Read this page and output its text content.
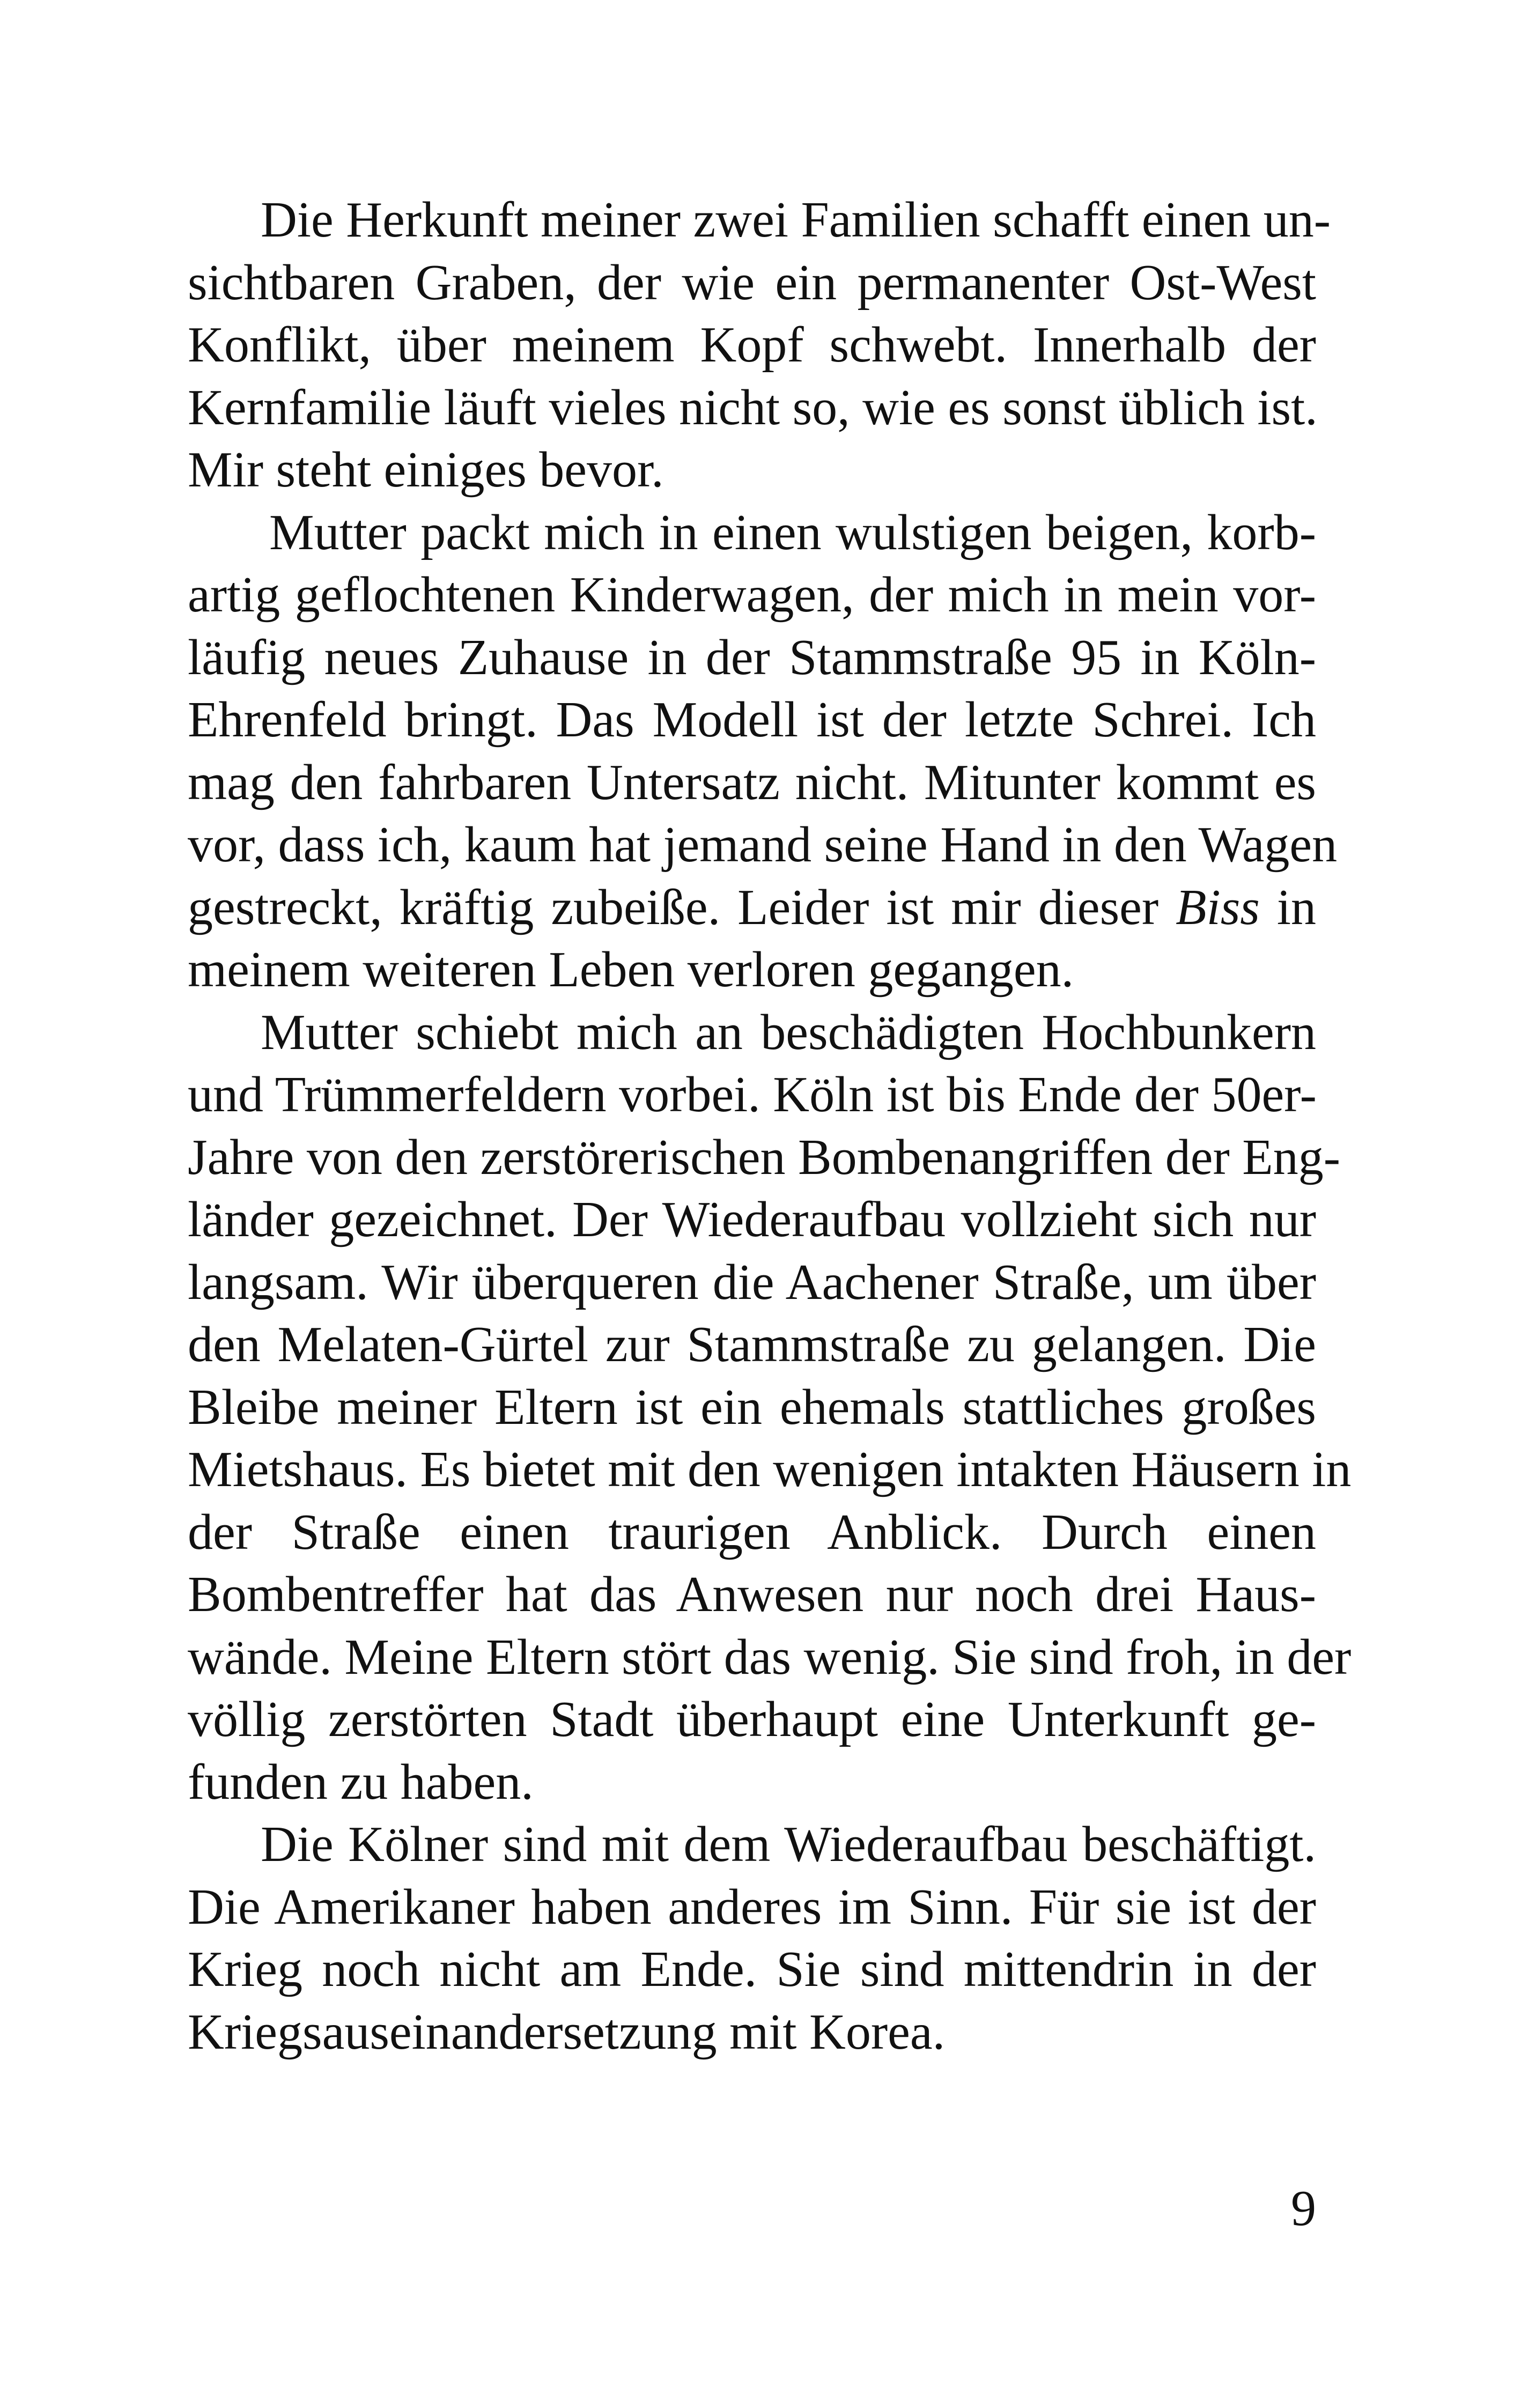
Die Herkunft meiner zwei Familien schafft einen un-
sichtbaren Graben, der wie ein permanenter Ost-West
Konflikt, über meinem Kopf schwebt. Innerhalb der
Kernfamilie läuft vieles nicht so, wie es sonst üblich ist.
Mir steht einiges bevor.
Mutter packt mich in einen wulstigen beigen, korb-
artig geflochtenen Kinderwagen, der mich in mein vor-
läufig neues Zuhause in der Stammstraße 95 in Köln-
Ehrenfeld bringt. Das Modell ist der letzte Schrei. Ich
mag den fahrbaren Untersatz nicht. Mitunter kommt es
vor, dass ich, kaum hat jemand seine Hand in den Wagen
gestreckt, kräftig zubeiße. Leider ist mir dieser Biss in
meinem weiteren Leben verloren gegangen.
Mutter schiebt mich an beschädigten Hochbunkern
und Trümmerfeldern vorbei. Köln ist bis Ende der 50er-
Jahre von den zerstörerischen Bombenangriffen der Eng-
länder gezeichnet. Der Wiederaufbau vollzieht sich nur
langsam. Wir überqueren die Aachener Straße, um über
den Melaten-Gürtel zur Stammstraße zu gelangen. Die
Bleibe meiner Eltern ist ein ehemals stattliches großes
Mietshaus. Es bietet mit den wenigen intakten Häusern in
der Straße einen traurigen Anblick. Durch einen
Bombentreffer hat das Anwesen nur noch drei Haus-
wände. Meine Eltern stört das wenig. Sie sind froh, in der
völlig zerstörten Stadt überhaupt eine Unterkunft ge-
funden zu haben.
Die Kölner sind mit dem Wiederaufbau beschäftigt.
Die Amerikaner haben anderes im Sinn. Für sie ist der
Krieg noch nicht am Ende. Sie sind mittendrin in der
Kriegsauseinandersetzung mit Korea.
9
